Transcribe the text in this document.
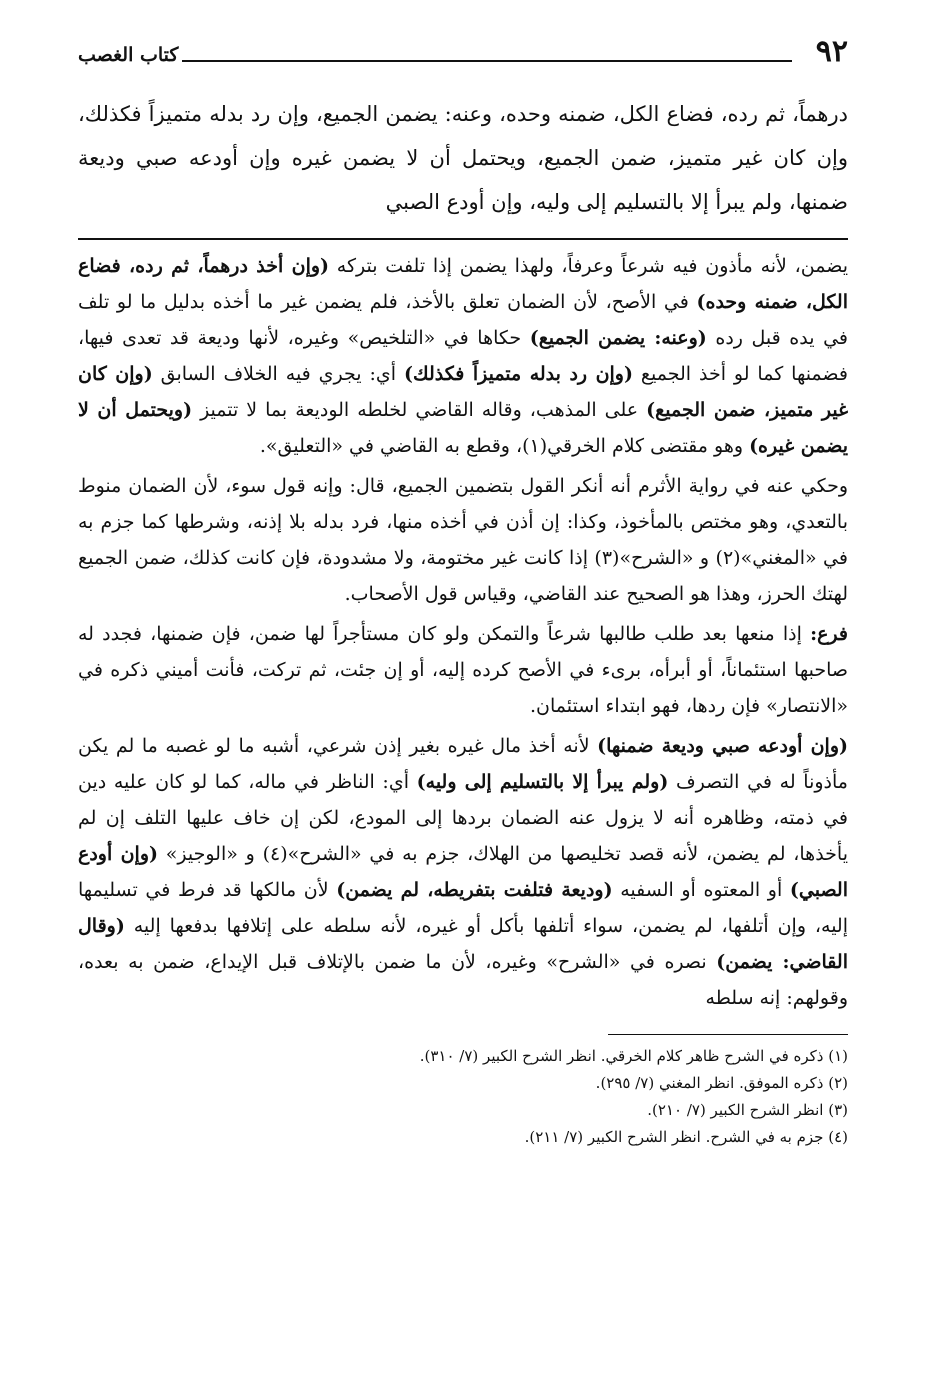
٩٢
كتاب الغصب

درهماً، ثم رده، فضاع الكل، ضمنه وحده، وعنه: يضمن الجميع، وإن رد بدله متميزاً فكذلك، وإن كان غير متميز، ضمن الجميع، ويحتمل أن لا يضمن غيره وإن أودعه صبي وديعة ضمنها، ولم يبرأ إلا بالتسليم إلى وليه، وإن أودع الصبي

يضمن، لأنه مأذون فيه شرعاً وعرفاً، ولهذا يضمن إذا تلفت بتركه (وإن أخذ درهماً، ثم رده، فضاع الكل، ضمنه وحده) في الأصح، لأن الضمان تعلق بالأخذ، فلم يضمن غير ما أخذه بدليل ما لو تلف في يده قبل رده (وعنه: يضمن الجميع) حكاها في «التلخيص» وغيره، لأنها وديعة قد تعدى فيها، فضمنها كما لو أخذ الجميع (وإن رد بدله متميزاً فكذلك) أي: يجري فيه الخلاف السابق (وإن كان غير متميز، ضمن الجميع) على المذهب، وقاله القاضي لخلطه الوديعة بما لا تتميز (ويحتمل أن لا يضمن غيره) وهو مقتضى كلام الخرقي(١)، وقطع به القاضي في «التعليق».

وحكي عنه في رواية الأثرم أنه أنكر القول بتضمين الجميع، قال: وإنه قول سوء، لأن الضمان منوط بالتعدي، وهو مختص بالمأخوذ، وكذا: إن أذن في أخذه منها، فرد بدله بلا إذنه، وشرطها كما جزم به في «المغني»(٢) و «الشرح»(٣) إذا كانت غير مختومة، ولا مشدودة، فإن كانت كذلك، ضمن الجميع لهتك الحرز، وهذا هو الصحيح عند القاضي، وقياس قول الأصحاب.

فرع: إذا منعها بعد طلب طالبها شرعاً والتمكن ولو كان مستأجراً لها ضمن، فإن ضمنها، فجدد له صاحبها استئماناً، أو أبرأه، برىء في الأصح كرده إليه، أو إن جئت، ثم تركت، فأنت أميني ذكره في «الانتصار» فإن ردها، فهو ابتداء استئمان.

(وإن أودعه صبي وديعة ضمنها) لأنه أخذ مال غيره بغير إذن شرعي، أشبه ما لو غصبه ما لم يكن مأذوناً له في التصرف (ولم يبرأ إلا بالتسليم إلى وليه) أي: الناظر في ماله، كما لو كان عليه دين في ذمته، وظاهره أنه لا يزول عنه الضمان بردها إلى المودع، لكن إن خاف عليها التلف إن لم يأخذها، لم يضمن، لأنه قصد تخليصها من الهلاك، جزم به في «الشرح»(٤) و «الوجيز» (وإن أودع الصبي) أو المعتوه أو السفيه (وديعة فتلفت بتفريطه، لم يضمن) لأن مالكها قد فرط في تسليمها إليه، وإن أتلفها، لم يضمن، سواء أتلفها بأكل أو غيره، لأنه سلطه على إتلافها بدفعها إليه (وقال القاضي: يضمن) نصره في «الشرح» وغيره، لأن ما ضمن بالإتلاف قبل الإيداع، ضمن به بعده، وقولهم: إنه سلطه

(١) ذكره في الشرح ظاهر كلام الخرقي. انظر الشرح الكبير (٧/ ٣١٠).
(٢) ذكره الموفق. انظر المغني (٧/ ٢٩٥).
(٣) انظر الشرح الكبير (٧/ ٢١٠).
(٤) جزم به في الشرح. انظر الشرح الكبير (٧/ ٢١١).
